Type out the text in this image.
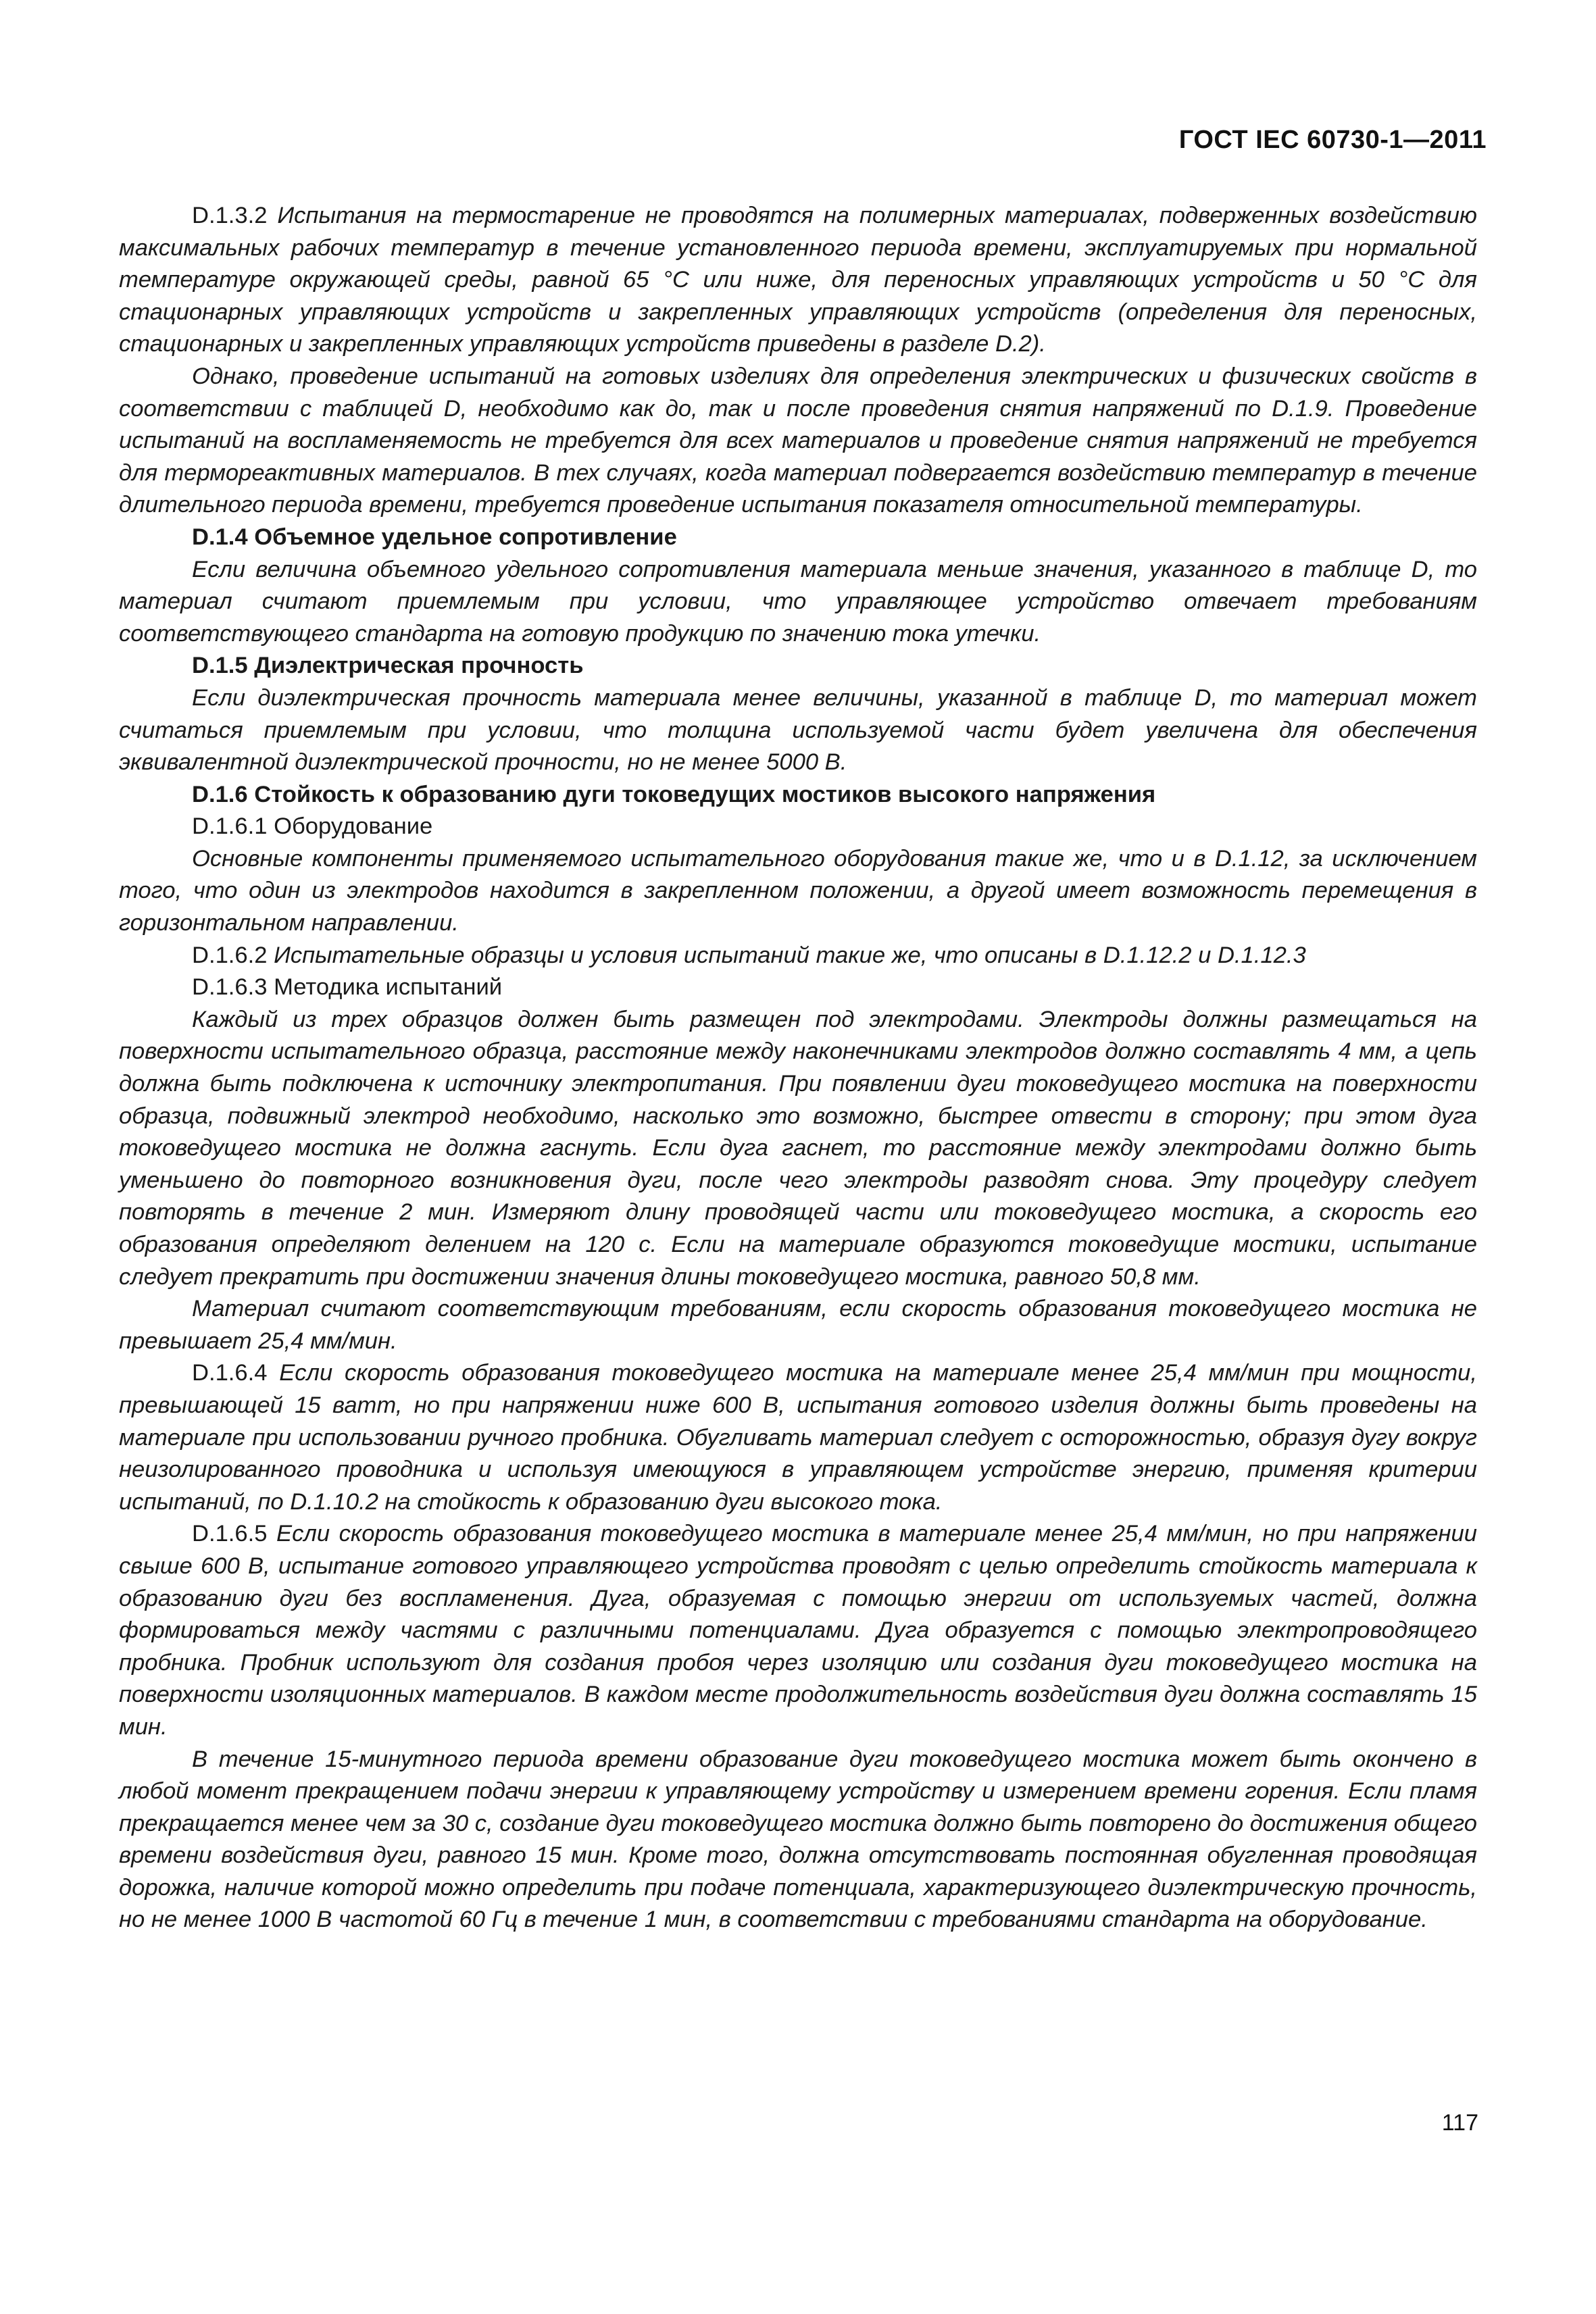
ГОСТ IEC 60730-1—2011

D.1.3.2 Испытания на термостарение не проводятся на полимерных материалах, подверженных воздействию максимальных рабочих температур в течение установленного периода времени, эксплуатируемых при нормальной температуре окружающей среды, равной 65 °C или ниже, для переносных управляющих устройств и 50 °C для стационарных управляющих устройств и закрепленных управляющих устройств (определения для переносных, стационарных и закрепленных управляющих устройств приведены в разделе D.2).

Однако, проведение испытаний на готовых изделиях для определения электрических и физических свойств в соответствии с таблицей D, необходимо как до, так и после проведения снятия напряжений по D.1.9. Проведение испытаний на воспламеняемость не требуется для всех материалов и проведение снятия напряжений не требуется для термореактивных материалов. В тех случаях, когда материал подвергается воздействию температур в течение длительного периода времени, требуется проведение испытания показателя относительной температуры.

D.1.4 Объемное удельное сопротивление

Если величина объемного удельного сопротивления материала меньше значения, указанного в таблице D, то материал считают приемлемым при условии, что управляющее устройство отвечает требованиям соответствующего стандарта на готовую продукцию по значению тока утечки.

D.1.5 Диэлектрическая прочность

Если диэлектрическая прочность материала менее величины, указанной в таблице D, то материал может считаться приемлемым при условии, что толщина используемой части будет увеличена для обеспечения эквивалентной диэлектрической прочности, но не менее 5000 В.

D.1.6 Стойкость к образованию дуги токоведущих мостиков высокого напряжения

D.1.6.1 Оборудование

Основные компоненты применяемого испытательного оборудования такие же, что и в D.1.12, за исключением того, что один из электродов находится в закрепленном положении, а другой имеет возможность перемещения в горизонтальном направлении.

D.1.6.2 Испытательные образцы и условия испытаний такие же, что описаны в D.1.12.2 и D.1.12.3

D.1.6.3 Методика испытаний

Каждый из трех образцов должен быть размещен под электродами. Электроды должны размещаться на поверхности испытательного образца, расстояние между наконечниками электродов должно составлять 4 мм, а цепь должна быть подключена к источнику электропитания. При появлении дуги токоведущего мостика на поверхности образца, подвижный электрод необходимо, насколько это возможно, быстрее отвести в сторону; при этом дуга токоведущего мостика не должна гаснуть. Если дуга гаснет, то расстояние между электродами должно быть уменьшено до повторного возникновения дуги, после чего электроды разводят снова. Эту процедуру следует повторять в течение 2 мин. Измеряют длину проводящей части или токоведущего мостика, а скорость его образования определяют делением на 120 с. Если на материале образуются токоведущие мостики, испытание следует прекратить при достижении значения длины токоведущего мостика, равного 50,8 мм.

Материал считают соответствующим требованиям, если скорость образования токоведущего мостика не превышает 25,4 мм/мин.

D.1.6.4 Если скорость образования токоведущего мостика на материале менее 25,4 мм/мин при мощности, превышающей 15 ватт, но при напряжении ниже 600 В, испытания готового изделия должны быть проведены на материале при использовании ручного пробника. Обугливать материал следует с осторожностью, образуя дугу вокруг неизолированного проводника и используя имеющуюся в управляющем устройстве энергию, применяя критерии испытаний, по D.1.10.2 на стойкость к образованию дуги высокого тока.

D.1.6.5 Если скорость образования токоведущего мостика в материале менее 25,4 мм/мин, но при напряжении свыше 600 В, испытание готового управляющего устройства проводят с целью определить стойкость материала к образованию дуги без воспламенения. Дуга, образуемая с помощью энергии от используемых частей, должна формироваться между частями с различными потенциалами. Дуга образуется с помощью электропроводящего пробника. Пробник используют для создания пробоя через изоляцию или создания дуги токоведущего мостика на поверхности изоляционных материалов. В каждом месте продолжительность воздействия дуги должна составлять 15 мин.

В течение 15-минутного периода времени образование дуги токоведущего мостика может быть окончено в любой момент прекращением подачи энергии к управляющему устройству и измерением времени горения. Если пламя прекращается менее чем за 30 с, создание дуги токоведущего мостика должно быть повторено до достижения общего времени воздействия дуги, равного 15 мин. Кроме того, должна отсутствовать постоянная обугленная проводящая дорожка, наличие которой можно определить при подаче потенциала, характеризующего диэлектрическую прочность, но не менее 1000 В частотой 60 Гц в течение 1 мин, в соответствии с требованиями стандарта на оборудование.

117
